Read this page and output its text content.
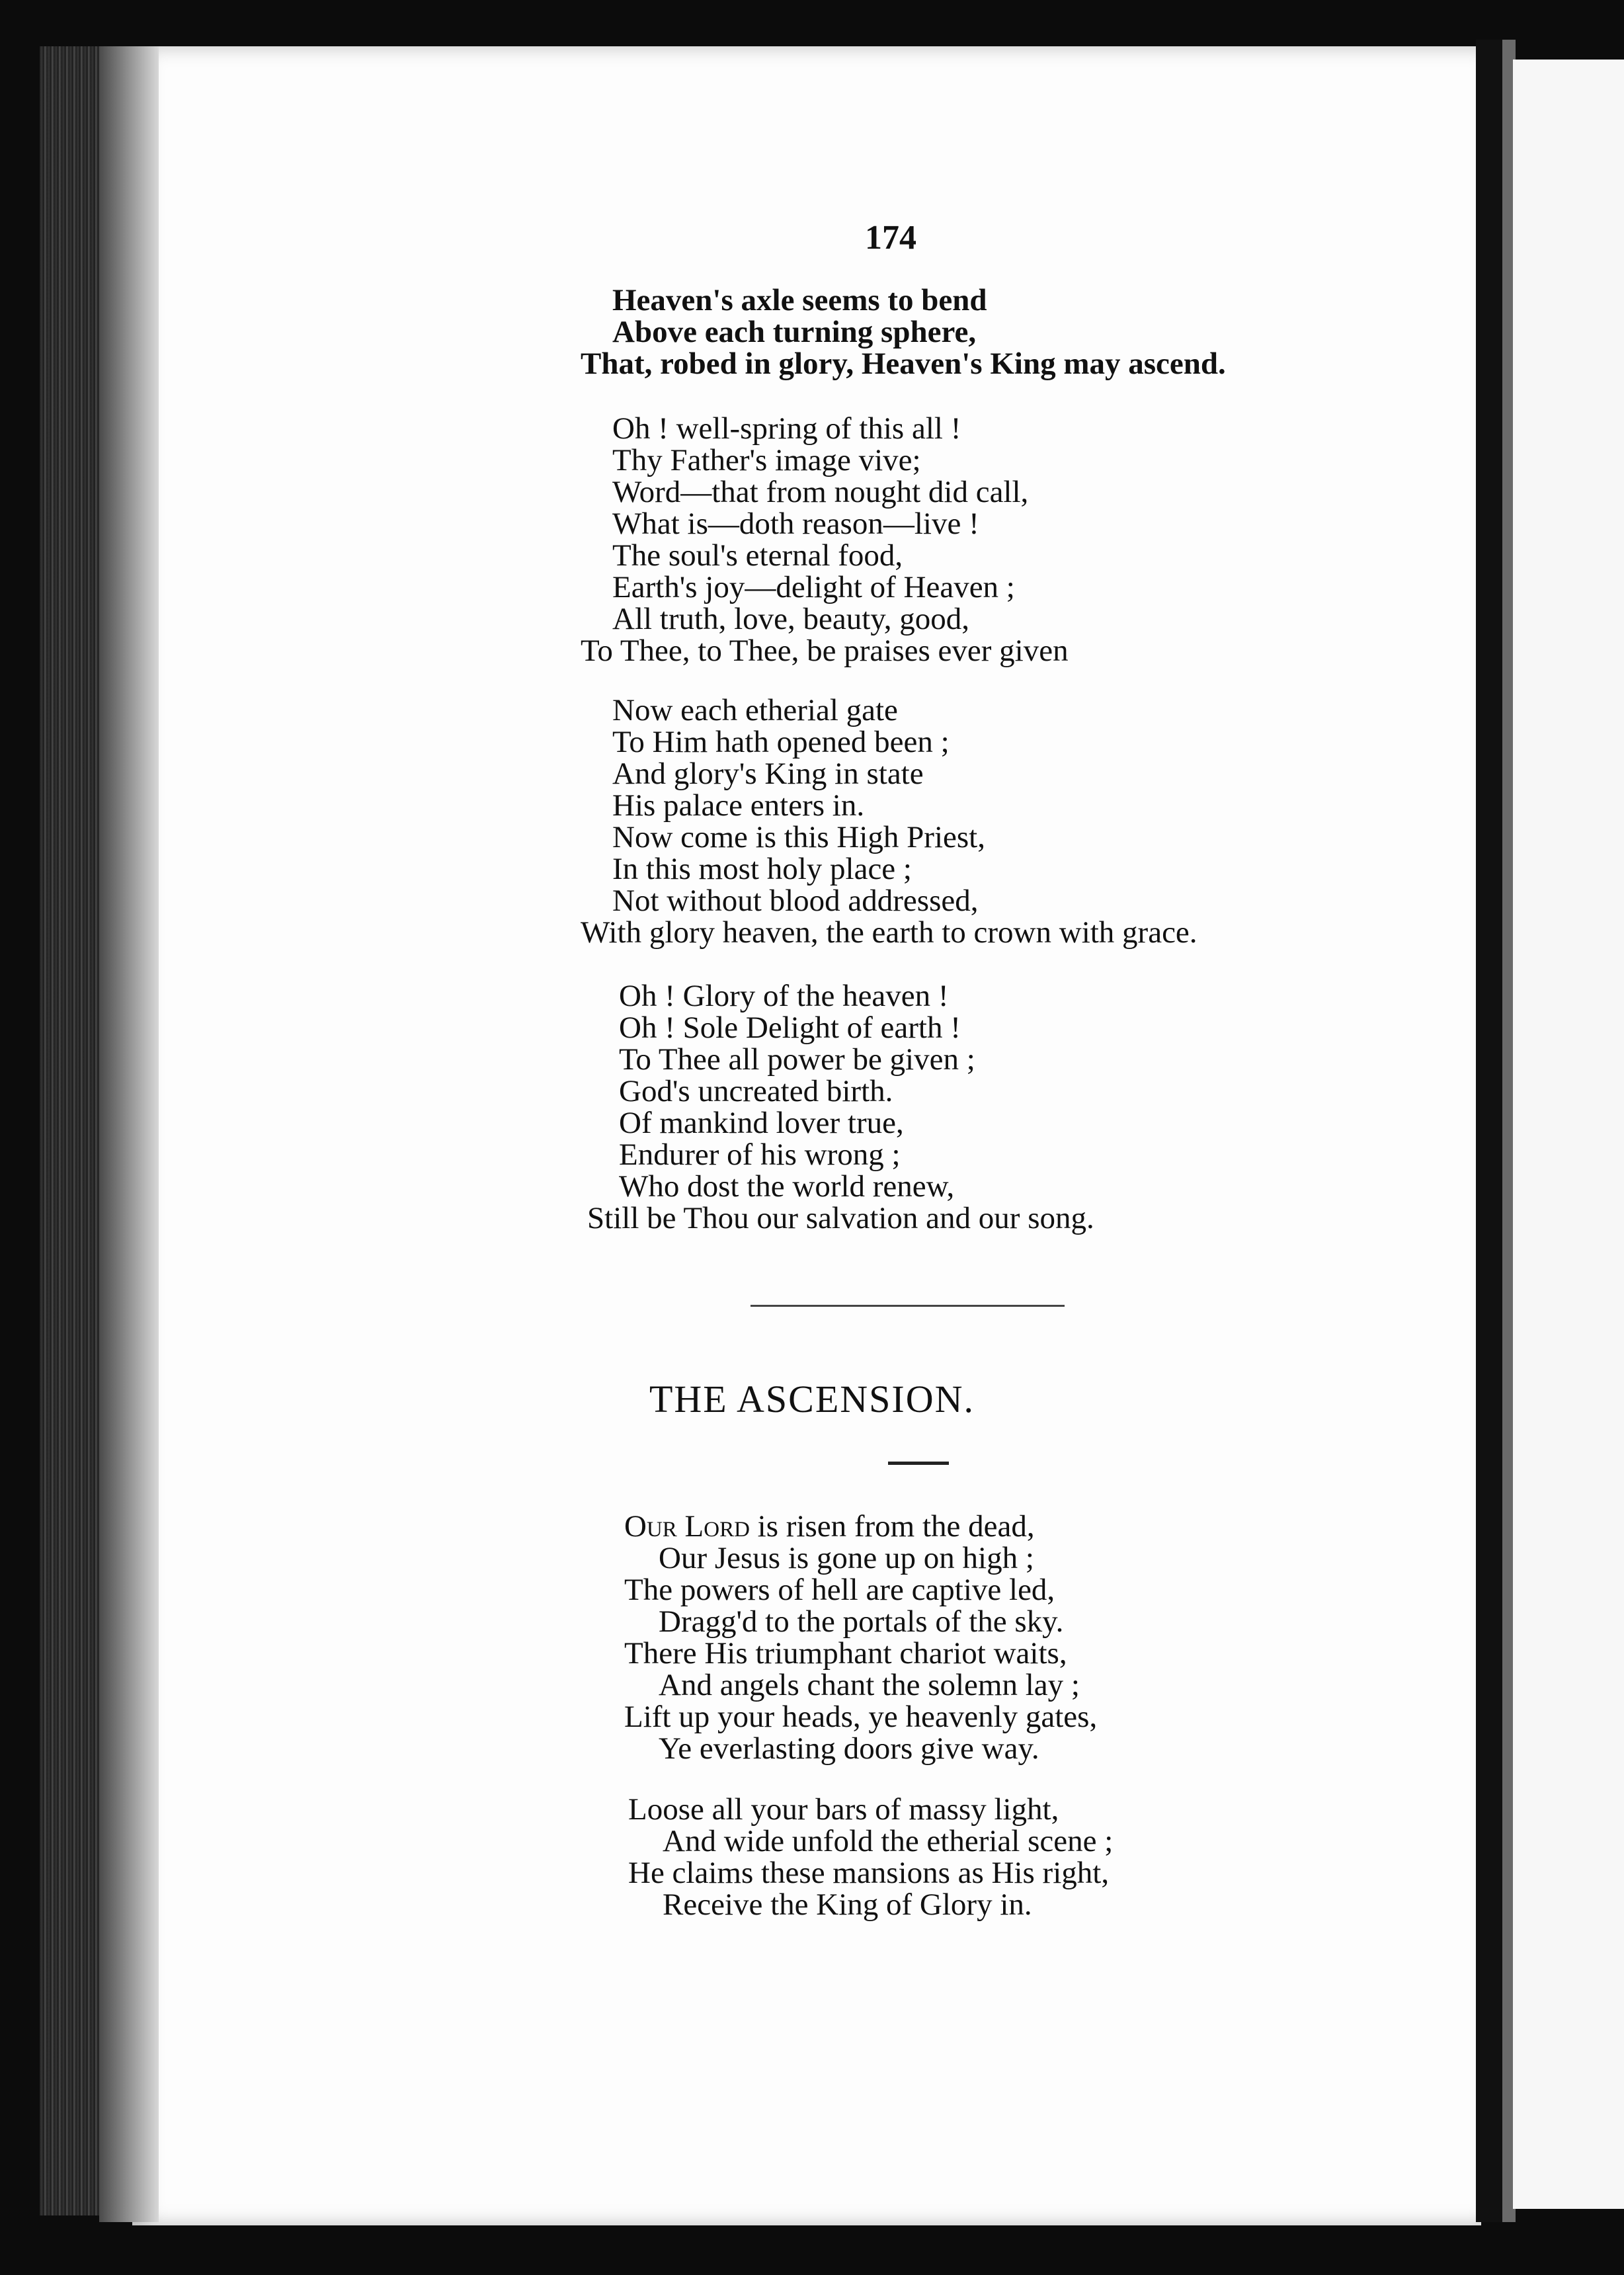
174
Heaven's axle seems to bend
Above each turning sphere,
That, robed in glory, Heaven's King may ascend.
Oh ! well-spring of this all !
Thy Father's image vive;
Word—that from nought did call,
What is—doth reason—live !
The soul's eternal food,
Earth's joy—delight of Heaven ;
All truth, love, beauty, good,
To Thee, to Thee, be praises ever given
Now each etherial gate
To Him hath opened been ;
And glory's King in state
His palace enters in.
Now come is this High Priest,
In this most holy place ;
Not without blood addressed,
With glory heaven, the earth to crown with grace.
Oh ! Glory of the heaven !
Oh ! Sole Delight of earth !
To Thee all power be given ;
God's uncreated birth.
Of mankind lover true,
Endurer of his wrong ;
Who dost the world renew,
Still be Thou our salvation and our song.
THE ASCENSION.
Our Lord is risen from the dead,
Our Jesus is gone up on high ;
The powers of hell are captive led,
Dragg'd to the portals of the sky.
There His triumphant chariot waits,
And angels chant the solemn lay ;
Lift up your heads, ye heavenly gates,
Ye everlasting doors give way.
Loose all your bars of massy light,
And wide unfold the etherial scene ;
He claims these mansions as His right,
Receive the King of Glory in.
